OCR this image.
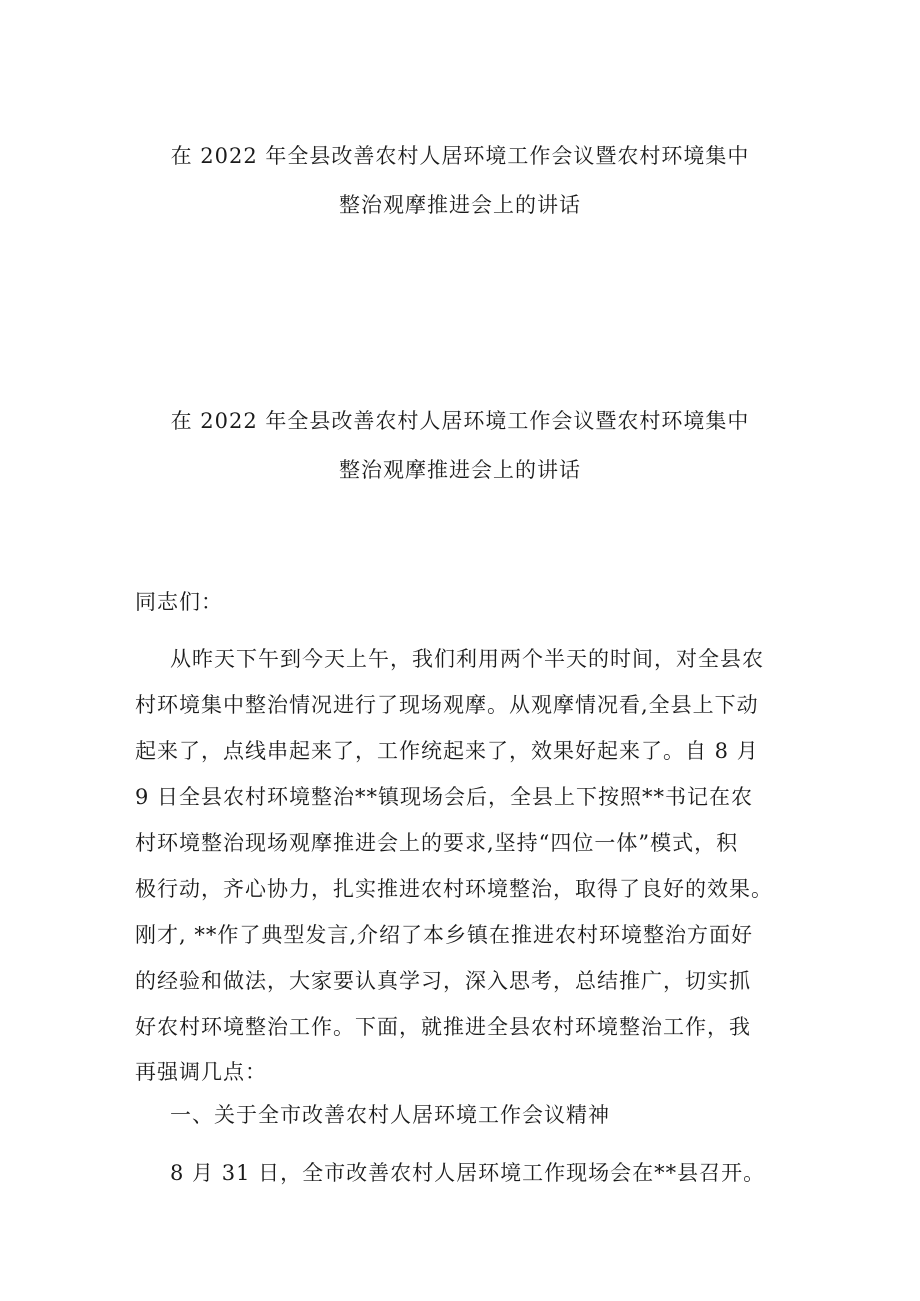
在 2022 年全县改善农村人居环境工作会议暨农村环境集中
整治观摩推进会上的讲话
在 2022 年全县改善农村人居环境工作会议暨农村环境集中
整治观摩推进会上的讲话
同志们：
从昨天下午到今天上午，我们利用两个半天的时间，对全县农
村环境集中整治情况进行了现场观摩。从观摩情况看,全县上下动
起来了，点线串起来了，工作统起来了，效果好起来了。自 8 月
9 日全县农村环境整治**镇现场会后，全县上下按照**书记在农
村环境整治现场观摩推进会上的要求,坚持“四位一体”模式，积
极行动，齐心协力，扎实推进农村环境整治，取得了良好的效果。
刚才, **作了典型发言,介绍了本乡镇在推进农村环境整治方面好
的经验和做法，大家要认真学习，深入思考，总结推广，切实抓
好农村环境整治工作。下面，就推进全县农村环境整治工作，我
再强调几点：
一、关于全市改善农村人居环境工作会议精神
8 月 31 日，全市改善农村人居环境工作现场会在**县召开。
